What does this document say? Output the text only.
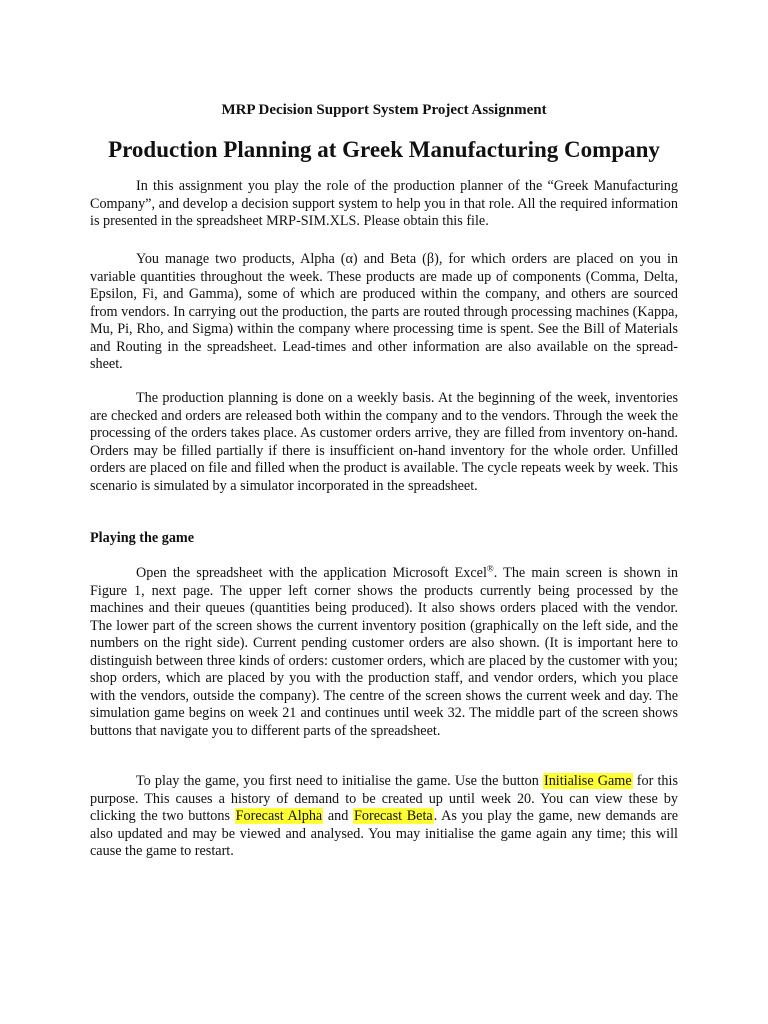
MRP Decision Support System Project Assignment
Production Planning at Greek Manufacturing Company

In this assignment you play the role of the production planner of the “Greek Manufacturing Company”, and develop a decision support system to help you in that role. All the required information is presented in the spreadsheet MRP-SIM.XLS. Please obtain this file.

You manage two products, Alpha (α) and Beta (β), for which orders are placed on you in variable quantities throughout the week. These products are made up of components (Comma, Delta, Epsilon, Fi, and Gamma), some of which are produced within the company, and others are sourced from vendors. In carrying out the production, the parts are routed through processing machines (Kappa, Mu, Pi, Rho, and Sigma) within the company where processing time is spent. See the Bill of Materials and Routing in the spreadsheet. Lead-times and other information are also available on the spread-sheet.

The production planning is done on a weekly basis. At the beginning of the week, inventories are checked and orders are released both within the company and to the vendors. Through the week the processing of the orders takes place. As customer orders arrive, they are filled from inventory on-hand. Orders may be filled partially if there is insufficient on-hand inventory for the whole order. Unfilled orders are placed on file and filled when the product is available. The cycle repeats week by week. This scenario is simulated by a simulator incorporated in the spreadsheet.

Playing the game

Open the spreadsheet with the application Microsoft Excel®. The main screen is shown in Figure 1, next page. The upper left corner shows the products currently being processed by the machines and their queues (quantities being produced). It also shows orders placed with the vendor. The lower part of the screen shows the current inventory position (graphically on the left side, and the numbers on the right side). Current pending customer orders are also shown. (It is important here to distinguish between three kinds of orders: customer orders, which are placed by the customer with you; shop orders, which are placed by you with the production staff, and vendor orders, which you place with the vendors, outside the company). The centre of the screen shows the current week and day. The simulation game begins on week 21 and continues until week 32. The middle part of the screen shows buttons that navigate you to different parts of the spreadsheet.

To play the game, you first need to initialise the game. Use the button Initialise Game for this purpose. This causes a history of demand to be created up until week 20. You can view these by clicking the two buttons Forecast Alpha and Forecast Beta. As you play the game, new demands are also updated and may be viewed and analysed. You may initialise the game again any time; this will cause the game to restart.
